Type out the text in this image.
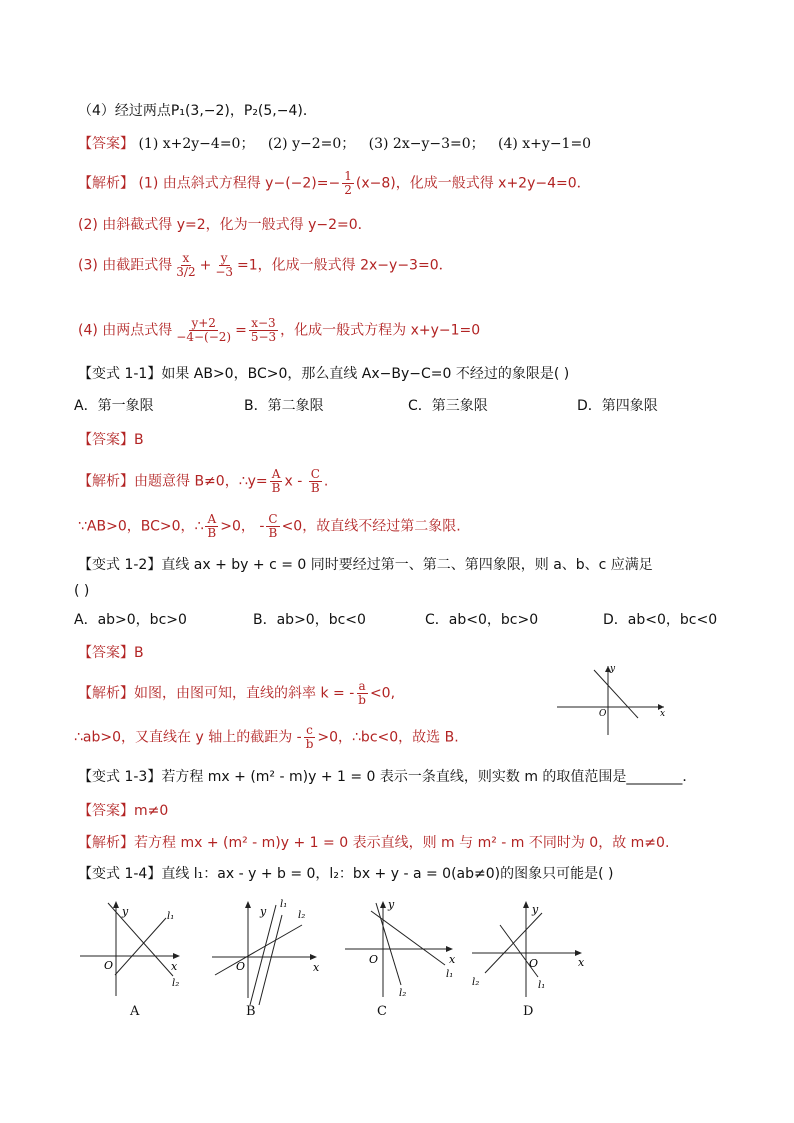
（4）经过两点P₁(3,−2)，P₂(5,−4)．
【答案】 (1) x+2y−4=0； (2) y−2=0； (3) 2x−y−3=0； (4) x+y−1=0
【解析】 (1) 由点斜式方程得 $y-(-2)=- \frac{1}{2} (x-8)$，化成一般式得 x+2y−4=0．
(2) 由斜截式得 y=2，化为一般式得 y−2=0．
(3) 由截距式得 $\frac{x}{3/2} + \frac{y}{-3} =1$，化成一般式得 2x−y−3=0．
(4) 由两点式得 $\frac{y+2}{-4-(-2)} = \frac{x-3}{5-3}$ ，化成一般式方程为 x+y−1=0
【变式 1-1】如果 AB>0，BC>0，那么直线 Ax−By−C=0 不经过的象限是( )
A．第一象限	B．第二象限	C．第三象限	D．第四象限
【答案】B
【解析】由题意得 B≠0，∴y= $\frac{A}{B}$ x - $\frac{C}{B}$ .
∵AB>0，BC>0，∴ $\frac{A}{B} >0$， - $\frac{C}{B} <0$，故直线不经过第二象限.
【变式 1-2】直线 ax + by + c = 0 同时要经过第一、第二、第四象限，则 a、b、c 应满足
( )
A．ab>0，bc>0	B．ab>0，bc<0	C．ab<0，bc>0	D．ab<0，bc<0
【答案】B
【解析】如图，由图可知，直线的斜率 k = - $\frac{a}{b} <0$,
∴ab>0，又直线在 y 轴上的截距为 - $\frac{c}{b} >0$，∴bc<0，故选 B.
y
x
O
【变式 1-3】若方程 mx + (m² - m)y + 1 = 0 表示一条直线，则实数 m 的取值范围是________．
【答案】m≠0
【解析】若方程 mx + (m² - m)y + 1 = 0 表示直线，则 m 与 m² - m 不同时为 0，故 m≠0.
【变式 1-4】直线 l₁：ax - y + b = 0，l₂：bx + y - a = 0(ab≠0)的图象只可能是( )
y
x
O
l₁
l₂
A
y
x
O
l₁
l₂
B
y
x
O
l₁
l₂
C
y
x
O
l₁
l₂
D
